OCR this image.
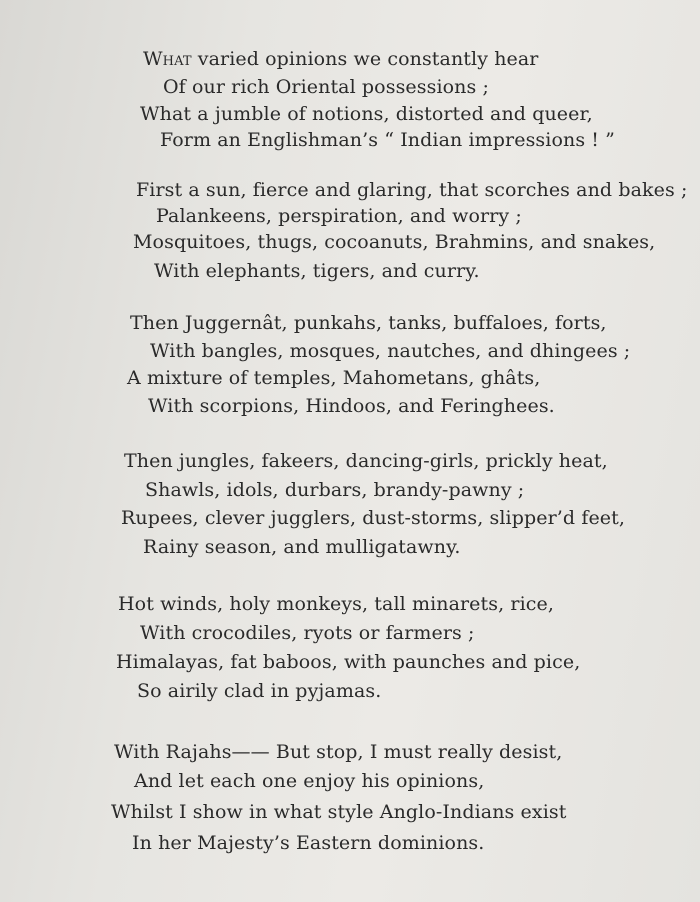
What varied opinions we constantly hear
Of our rich Oriental possessions ;
What a jumble of notions, distorted and queer,
Form an Englishman’s “ Indian impressions ! ”
First a sun, fierce and glaring, that scorches and bakes ;
Palankeens, perspiration, and worry ;
Mosquitoes, thugs, cocoanuts, Brahmins, and snakes,
With elephants, tigers, and curry.
Then Juggernât, punkahs, tanks, buffaloes, forts,
With bangles, mosques, nautches, and dhingees ;
A mixture of temples, Mahometans, ghâts,
With scorpions, Hindoos, and Feringhees.
Then jungles, fakeers, dancing-girls, prickly heat,
Shawls, idols, durbars, brandy-pawny ;
Rupees, clever jugglers, dust-storms, slipper’d feet,
Rainy season, and mulligatawny.
Hot winds, holy monkeys, tall minarets, rice,
With crocodiles, ryots or farmers ;
Himalayas, fat baboos, with paunches and pice,
So airily clad in pyjamas.
With Rajahs—— But stop, I must really desist,
And let each one enjoy his opinions,
Whilst I show in what style Anglo-Indians exist
In her Majesty’s Eastern dominions.
